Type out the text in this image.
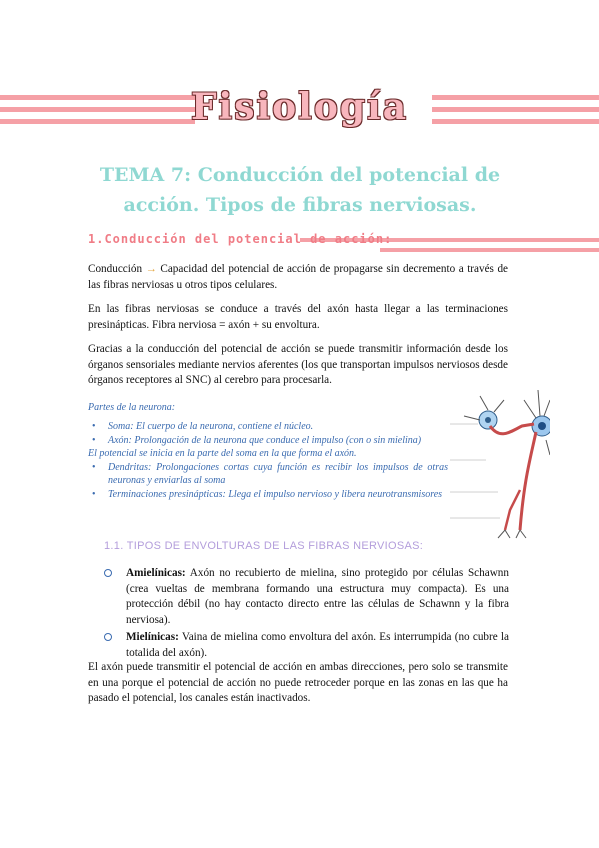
Fisiología
TEMA 7: Conducción del potencial de acción. Tipos de fibras nerviosas.
1.Conducción del potencial de acción:

Conducción → Capacidad del potencial de acción de propagarse sin decremento a través de las fibras nerviosas u otros tipos celulares.

En las fibras nerviosas se conduce a través del axón hasta llegar a las terminaciones presinápticas. Fibra nerviosa = axón + su envoltura.

Gracias a la conducción del potencial de acción se puede transmitir información desde los órganos sensoriales mediante nervios aferentes (los que transportan impulsos nerviosos desde órganos receptores al SNC) al cerebro para procesarla.

Partes de la neurona:
• Soma: El cuerpo de la neurona, contiene el núcleo.
• Axón: Prolongación de la neurona que conduce el impulso (con o sin mielina)
El potencial se inicia en la parte del soma en la que forma el axón.
• Dendritas: Prolongaciones cortas cuya función es recibir los impulsos de otras neuronas y enviarlas al soma
• Terminaciones presinápticas: Llega el impulso nervioso y libera neurotransmisores
1.1. TIPOS DE ENVOLTURAS DE LAS FIBRAS NERVIOSAS:
Amielínicas: Axón no recubierto de mielina, sino protegido por células Schawnn (crea vueltas de membrana formando una estructura muy compacta). Es una protección débil (no hay contacto directo entre las células de Schawnn y la fibra nerviosa).
Mielínicas: Vaina de mielina como envoltura del axón. Es interrumpida (no cubre la totalida del axón).

El axón puede transmitir el potencial de acción en ambas direcciones, pero solo se transmite en una porque el potencial de acción no puede retroceder porque en las zonas en las que ha pasado el potencial, los canales están inactivados.
